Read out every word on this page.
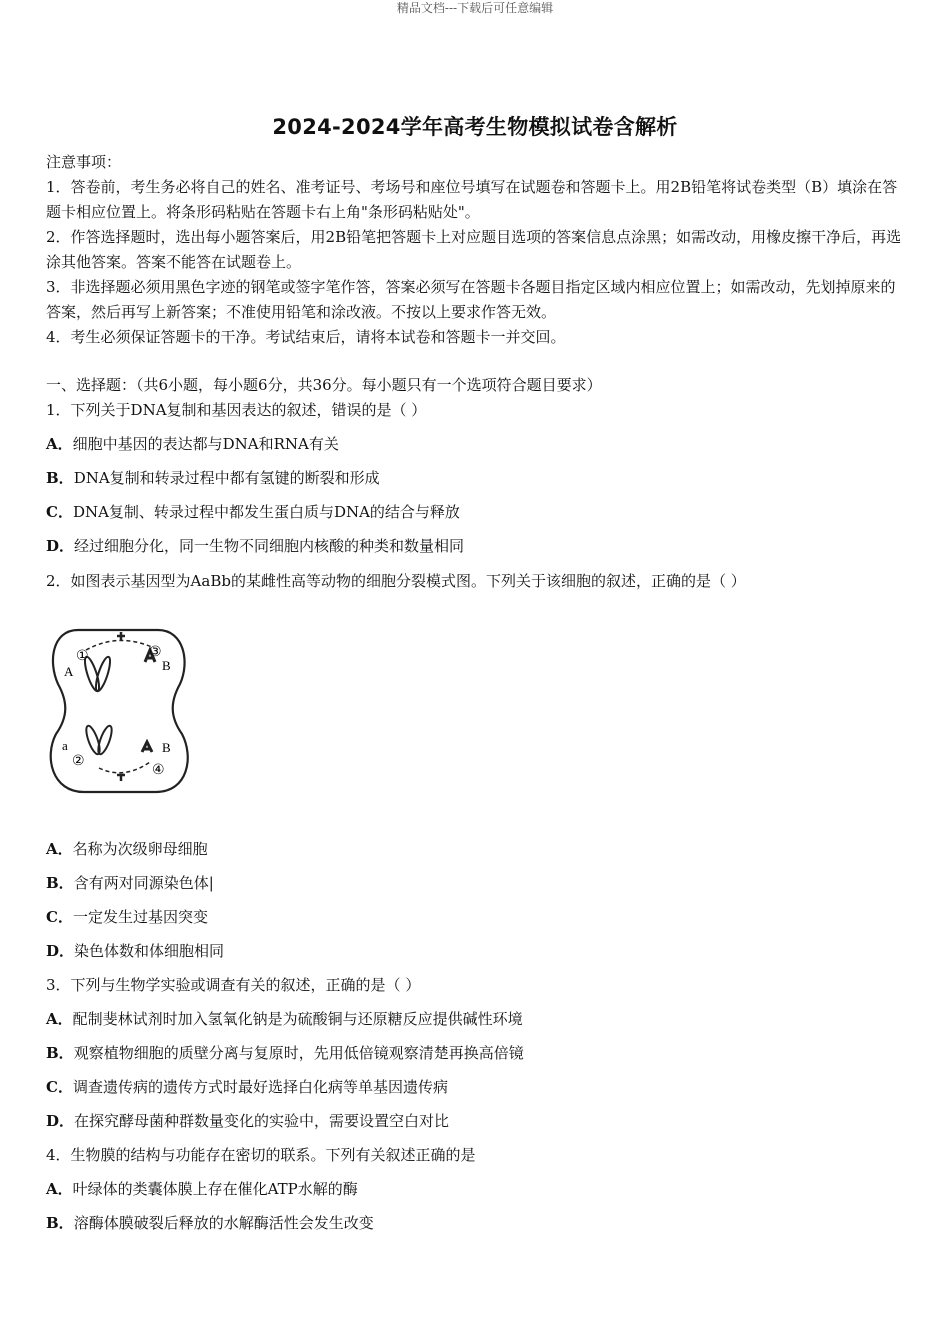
精品文档---下载后可任意编辑
2024-2024学年高考生物模拟试卷含解析

注意事项：

1．答卷前，考生务必将自己的姓名、准考证号、考场号和座位号填写在试题卷和答题卡上。用2B铅笔将试卷类型（B）填涂在答题卡相应位置上。将条形码粘贴在答题卡右上角"条形码粘贴处"。

2．作答选择题时，选出每小题答案后，用2B铅笔把答题卡上对应题目选项的答案信息点涂黑；如需改动，用橡皮擦干净后，再选涂其他答案。答案不能答在试题卷上。

3．非选择题必须用黑色字迹的钢笔或签字笔作答，答案必须写在答题卡各题目指定区域内相应位置上；如需改动，先划掉原来的答案，然后再写上新答案；不准使用铅笔和涂改液。不按以上要求作答无效。

4．考生必须保证答题卡的干净。考试结束后，请将本试卷和答题卡一并交回。

一、选择题：（共6小题，每小题6分，共36分。每小题只有一个选项符合题目要求）
1．下列关于DNA复制和基因表达的叙述，错误的是（ ）
A．细胞中基因的表达都与DNA和RNA有关
B．DNA复制和转录过程中都有氢键的断裂和形成
C．DNA复制、转录过程中都发生蛋白质与DNA的结合与释放
D．经过细胞分化，同一生物不同细胞内核酸的种类和数量相同
2．如图表示基因型为AaBb的某雌性高等动物的细胞分裂模式图。下列关于该细胞的叙述，正确的是（ ）
A	B
a	B
①	③
②
④
A．名称为次级卵母细胞
B．含有两对同源染色体|
C．一定发生过基因突变
D．染色体数和体细胞相同
3．下列与生物学实验或调查有关的叙述，正确的是（ ）
A．配制斐林试剂时加入氢氧化钠是为硫酸铜与还原糖反应提供碱性环境
B．观察植物细胞的质壁分离与复原时，先用低倍镜观察清楚再换高倍镜
C．调查遗传病的遗传方式时最好选择白化病等单基因遗传病
D．在探究酵母菌种群数量变化的实验中，需要设置空白对比
4．生物膜的结构与功能存在密切的联系。下列有关叙述正确的是
A．叶绿体的类囊体膜上存在催化ATP水解的酶
B．溶酶体膜破裂后释放的水解酶活性会发生改变
